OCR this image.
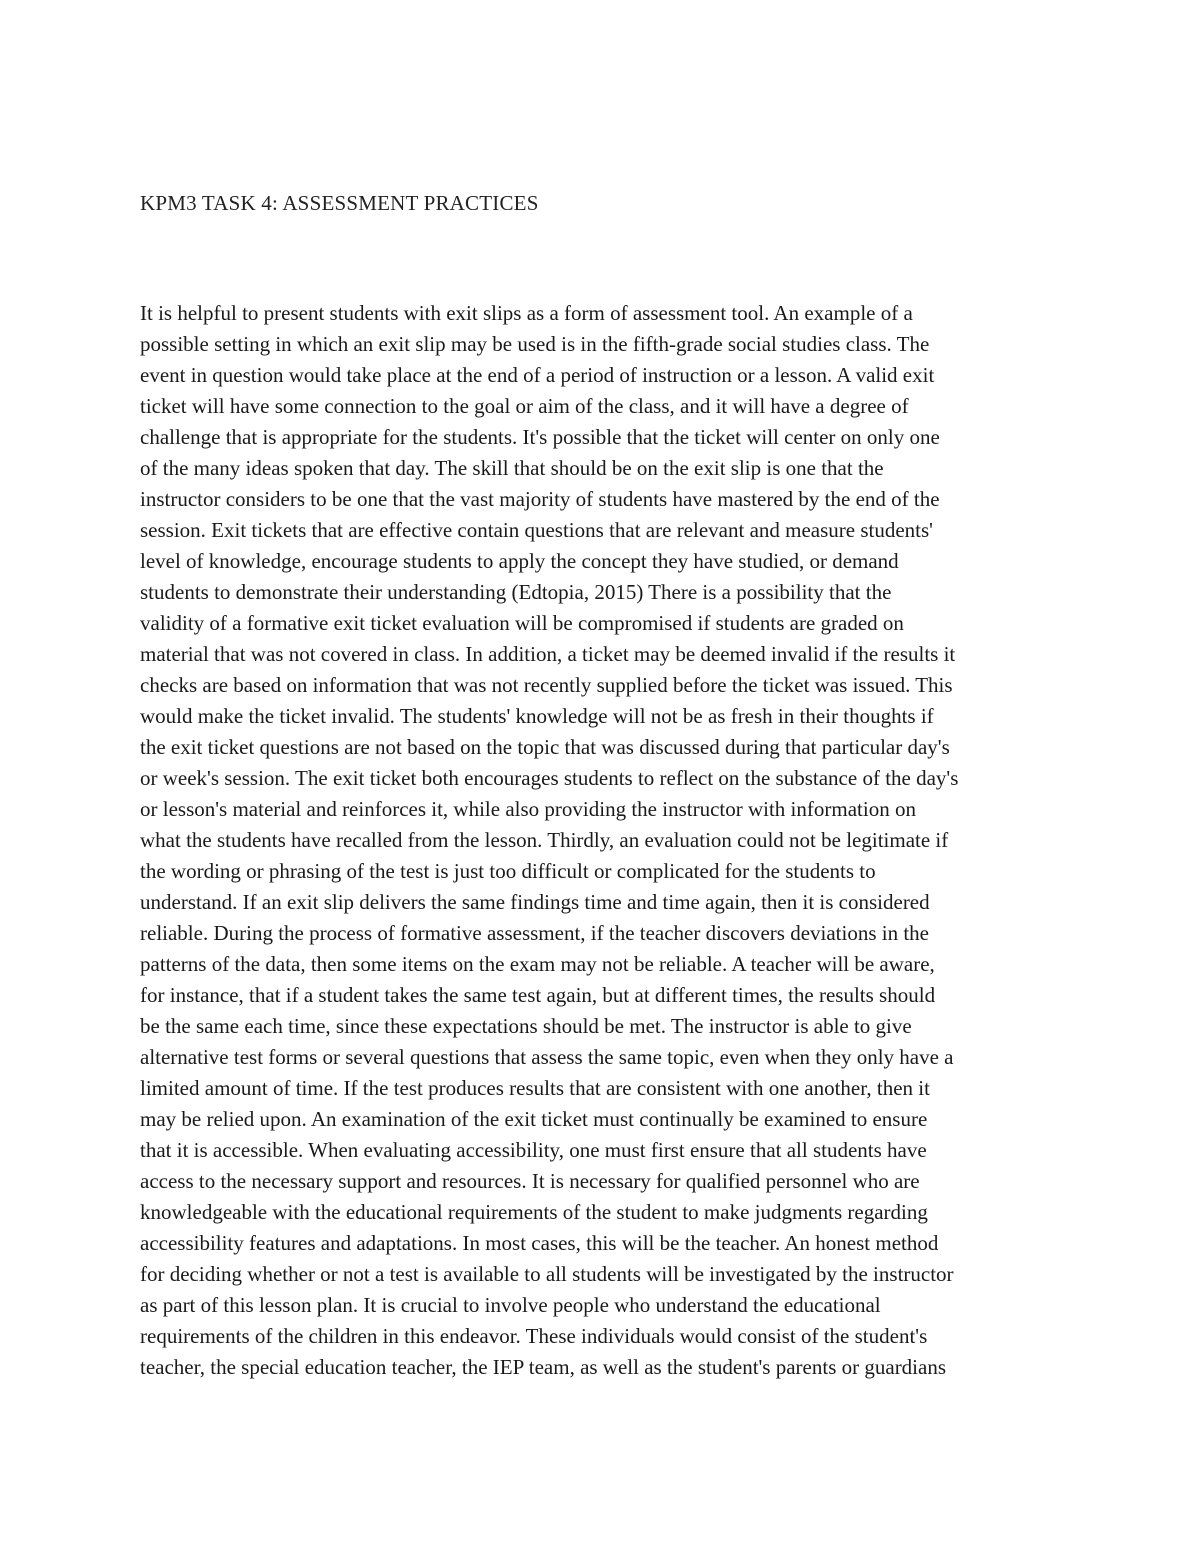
KPM3 TASK 4: ASSESSMENT PRACTICES
It is helpful to present students with exit slips as a form of assessment tool. An example of a
possible setting in which an exit slip may be used is in the fifth-grade social studies class. The
event in question would take place at the end of a period of instruction or a lesson. A valid exit
ticket will have some connection to the goal or aim of the class, and it will have a degree of
challenge that is appropriate for the students. It's possible that the ticket will center on only one
of the many ideas spoken that day. The skill that should be on the exit slip is one that the
instructor considers to be one that the vast majority of students have mastered by the end of the
session. Exit tickets that are effective contain questions that are relevant and measure students'
level of knowledge, encourage students to apply the concept they have studied, or demand
students to demonstrate their understanding (Edtopia, 2015) There is a possibility that the
validity of a formative exit ticket evaluation will be compromised if students are graded on
material that was not covered in class. In addition, a ticket may be deemed invalid if the results it
checks are based on information that was not recently supplied before the ticket was issued. This
would make the ticket invalid. The students' knowledge will not be as fresh in their thoughts if
the exit ticket questions are not based on the topic that was discussed during that particular day's
or week's session. The exit ticket both encourages students to reflect on the substance of the day's
or lesson's material and reinforces it, while also providing the instructor with information on
what the students have recalled from the lesson. Thirdly, an evaluation could not be legitimate if
the wording or phrasing of the test is just too difficult or complicated for the students to
understand. If an exit slip delivers the same findings time and time again, then it is considered
reliable. During the process of formative assessment, if the teacher discovers deviations in the
patterns of the data, then some items on the exam may not be reliable. A teacher will be aware,
for instance, that if a student takes the same test again, but at different times, the results should
be the same each time, since these expectations should be met. The instructor is able to give
alternative test forms or several questions that assess the same topic, even when they only have a
limited amount of time. If the test produces results that are consistent with one another, then it
may be relied upon. An examination of the exit ticket must continually be examined to ensure
that it is accessible. When evaluating accessibility, one must first ensure that all students have
access to the necessary support and resources. It is necessary for qualified personnel who are
knowledgeable with the educational requirements of the student to make judgments regarding
accessibility features and adaptations. In most cases, this will be the teacher. An honest method
for deciding whether or not a test is available to all students will be investigated by the instructor
as part of this lesson plan. It is crucial to involve people who understand the educational
requirements of the children in this endeavor. These individuals would consist of the student's
teacher, the special education teacher, the IEP team, as well as the student's parents or guardians
